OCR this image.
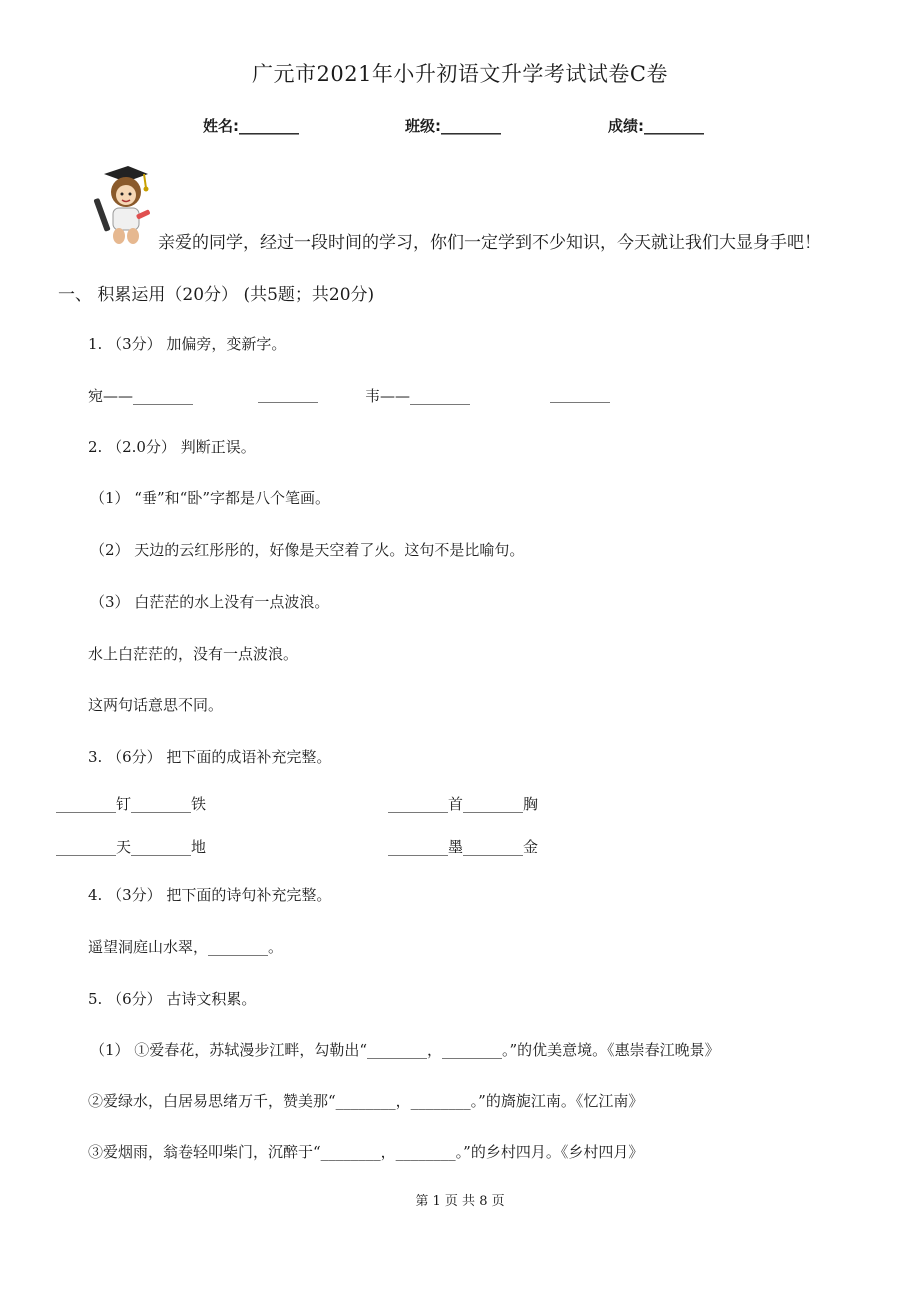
广元市2021年小升初语文升学考试试卷C卷
姓名:________	班级:________	成绩:________
亲爱的同学，经过一段时间的学习，你们一定学到不少知识，今天就让我们大显身手吧！
一、 积累运用（20分） (共5题；共20分)
1. （3分） 加偏旁，变新字。
宛——________	________	韦——________	________
2. （2.0分） 判断正误。
（1） “垂”和“卧”字都是八个笔画。
（2） 天边的云红彤彤的，好像是天空着了火。这句不是比喻句。
（3） 白茫茫的水上没有一点波浪。
水上白茫茫的，没有一点波浪。
这两句话意思不同。
3. （6分） 把下面的成语补充完整。
________钉________铁	________首________胸
________天________地	________墨________金
4. （3分） 把下面的诗句补充完整。
遥望洞庭山水翠，________。
5. （6分） 古诗文积累。
（1） ①爱春花，苏轼漫步江畔，勾勒出“________，________。”的优美意境。《惠崇春江晚景》
②爱绿水，白居易思绪万千，赞美那“________，________。”的旖旎江南。《忆江南》
③爱烟雨，翁卷轻叩柴门，沉醉于“________，________。”的乡村四月。《乡村四月》
第 1 页 共 8 页
